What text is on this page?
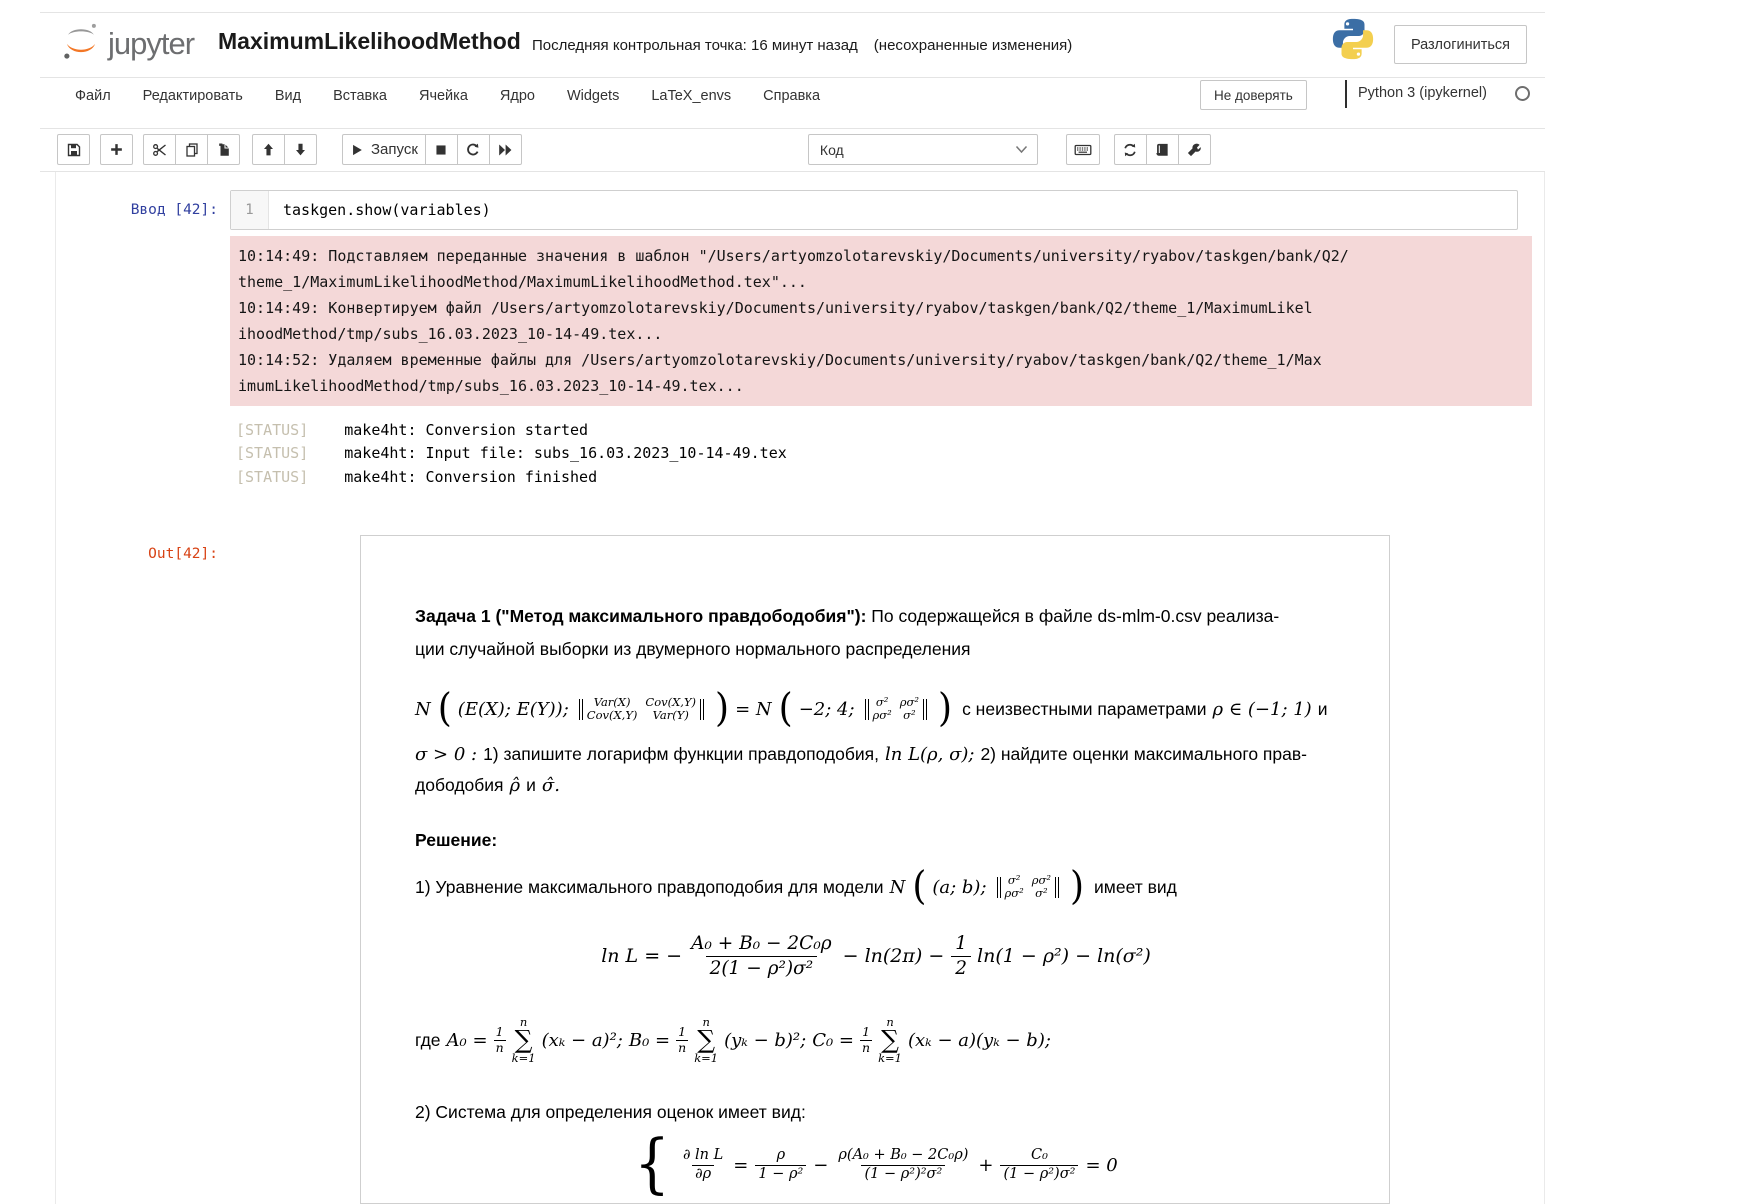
jupyter MaximumLikelihoodMethod Последняя контрольная точка: 16 минут назад (несохраненные изменения)	Разлогиниться
Файл	Редактировать	Вид	Вставка	Ячейка	Ядро	Widgets	LaTeX_envs	Справка	Не доверять	Python 3 (ipykernel)
Запуск	Код
Ввод [42]: 1 taskgen.show(variables)
10:14:49: Подставляем переданные значения в шаблон "/Users/artyomzolotarevskiy/Documents/university/ryabov/taskgen/bank/Q2/
theme_1/MaximumLikelihoodMethod/MaximumLikelihoodMethod.tex"...
10:14:49: Конвертируем файл /Users/artyomzolotarevskiy/Documents/university/ryabov/taskgen/bank/Q2/theme_1/MaximumLikel
ihoodMethod/tmp/subs_16.03.2023_10-14-49.tex...
10:14:52: Удаляем временные файлы для /Users/artyomzolotarevskiy/Documents/university/ryabov/taskgen/bank/Q2/theme_1/Max
imumLikelihoodMethod/tmp/subs_16.03.2023_10-14-49.tex...
[STATUS] make4ht: Conversion started
[STATUS] make4ht: Input file: subs_16.03.2023_10-14-49.tex
[STATUS] make4ht: Conversion finished
Out[42]:
Задача 1 ("Метод максимального правдободобия"): По содержащейся в файле ds-mlm-0.csv реализа-
ции случайной выборки из двумерного нормального распределения
N ( (E(X); E(Y));	Var(X)	Cov(X,Y)
Cov(X,Y)	Var(Y) ) = N ( −2; 4; σ² ρσ²
ρσ² σ² ) с неизвестными параметрами ρ ∈ (−1; 1) и
σ > 0 : 1) запишите логарифм функции правдоподобия, ln L(ρ, σ); 2) найдите оценки максимального прав-
дободобия ρ̂ и σ̂.
Решение:
1) Уравнение максимального правдоподобия для модели N ( (a; b); σ² ρσ²
ρσ² σ² ) имеет вид
ln L = − $\frac{\text{A₀ + B₀ − 2C₀ρ}}{\text{2(1 − ρ²)σ²}} - \ln(2\pi) - \frac{1}{2} \ln(1 - \rho^2) - \ln(\sigma^2)$
где $A_0 = \frac{1}{n}$
n
∑
k=1
(xₖ − a)²; $B_0 = \frac{1}{n}$
n
∑
k=1
(yₖ − b)²; $C_0 = \frac{1}{n}$
n
∑
k=1
(xₖ − a)(yₖ − b);
2) Система для определения оценок имеет вид:
{ $\frac{\text{∂ ln L}}{\partial\rho} = \frac{\rho}{\text{1 − ρ²}} - \frac{\text{ρ(A₀ + B₀ − 2C₀ρ)}}{\text{(1 − ρ²)²σ²}} + \frac{\text{C₀}}{\text{(1 − ρ²)σ²}} = 0$
